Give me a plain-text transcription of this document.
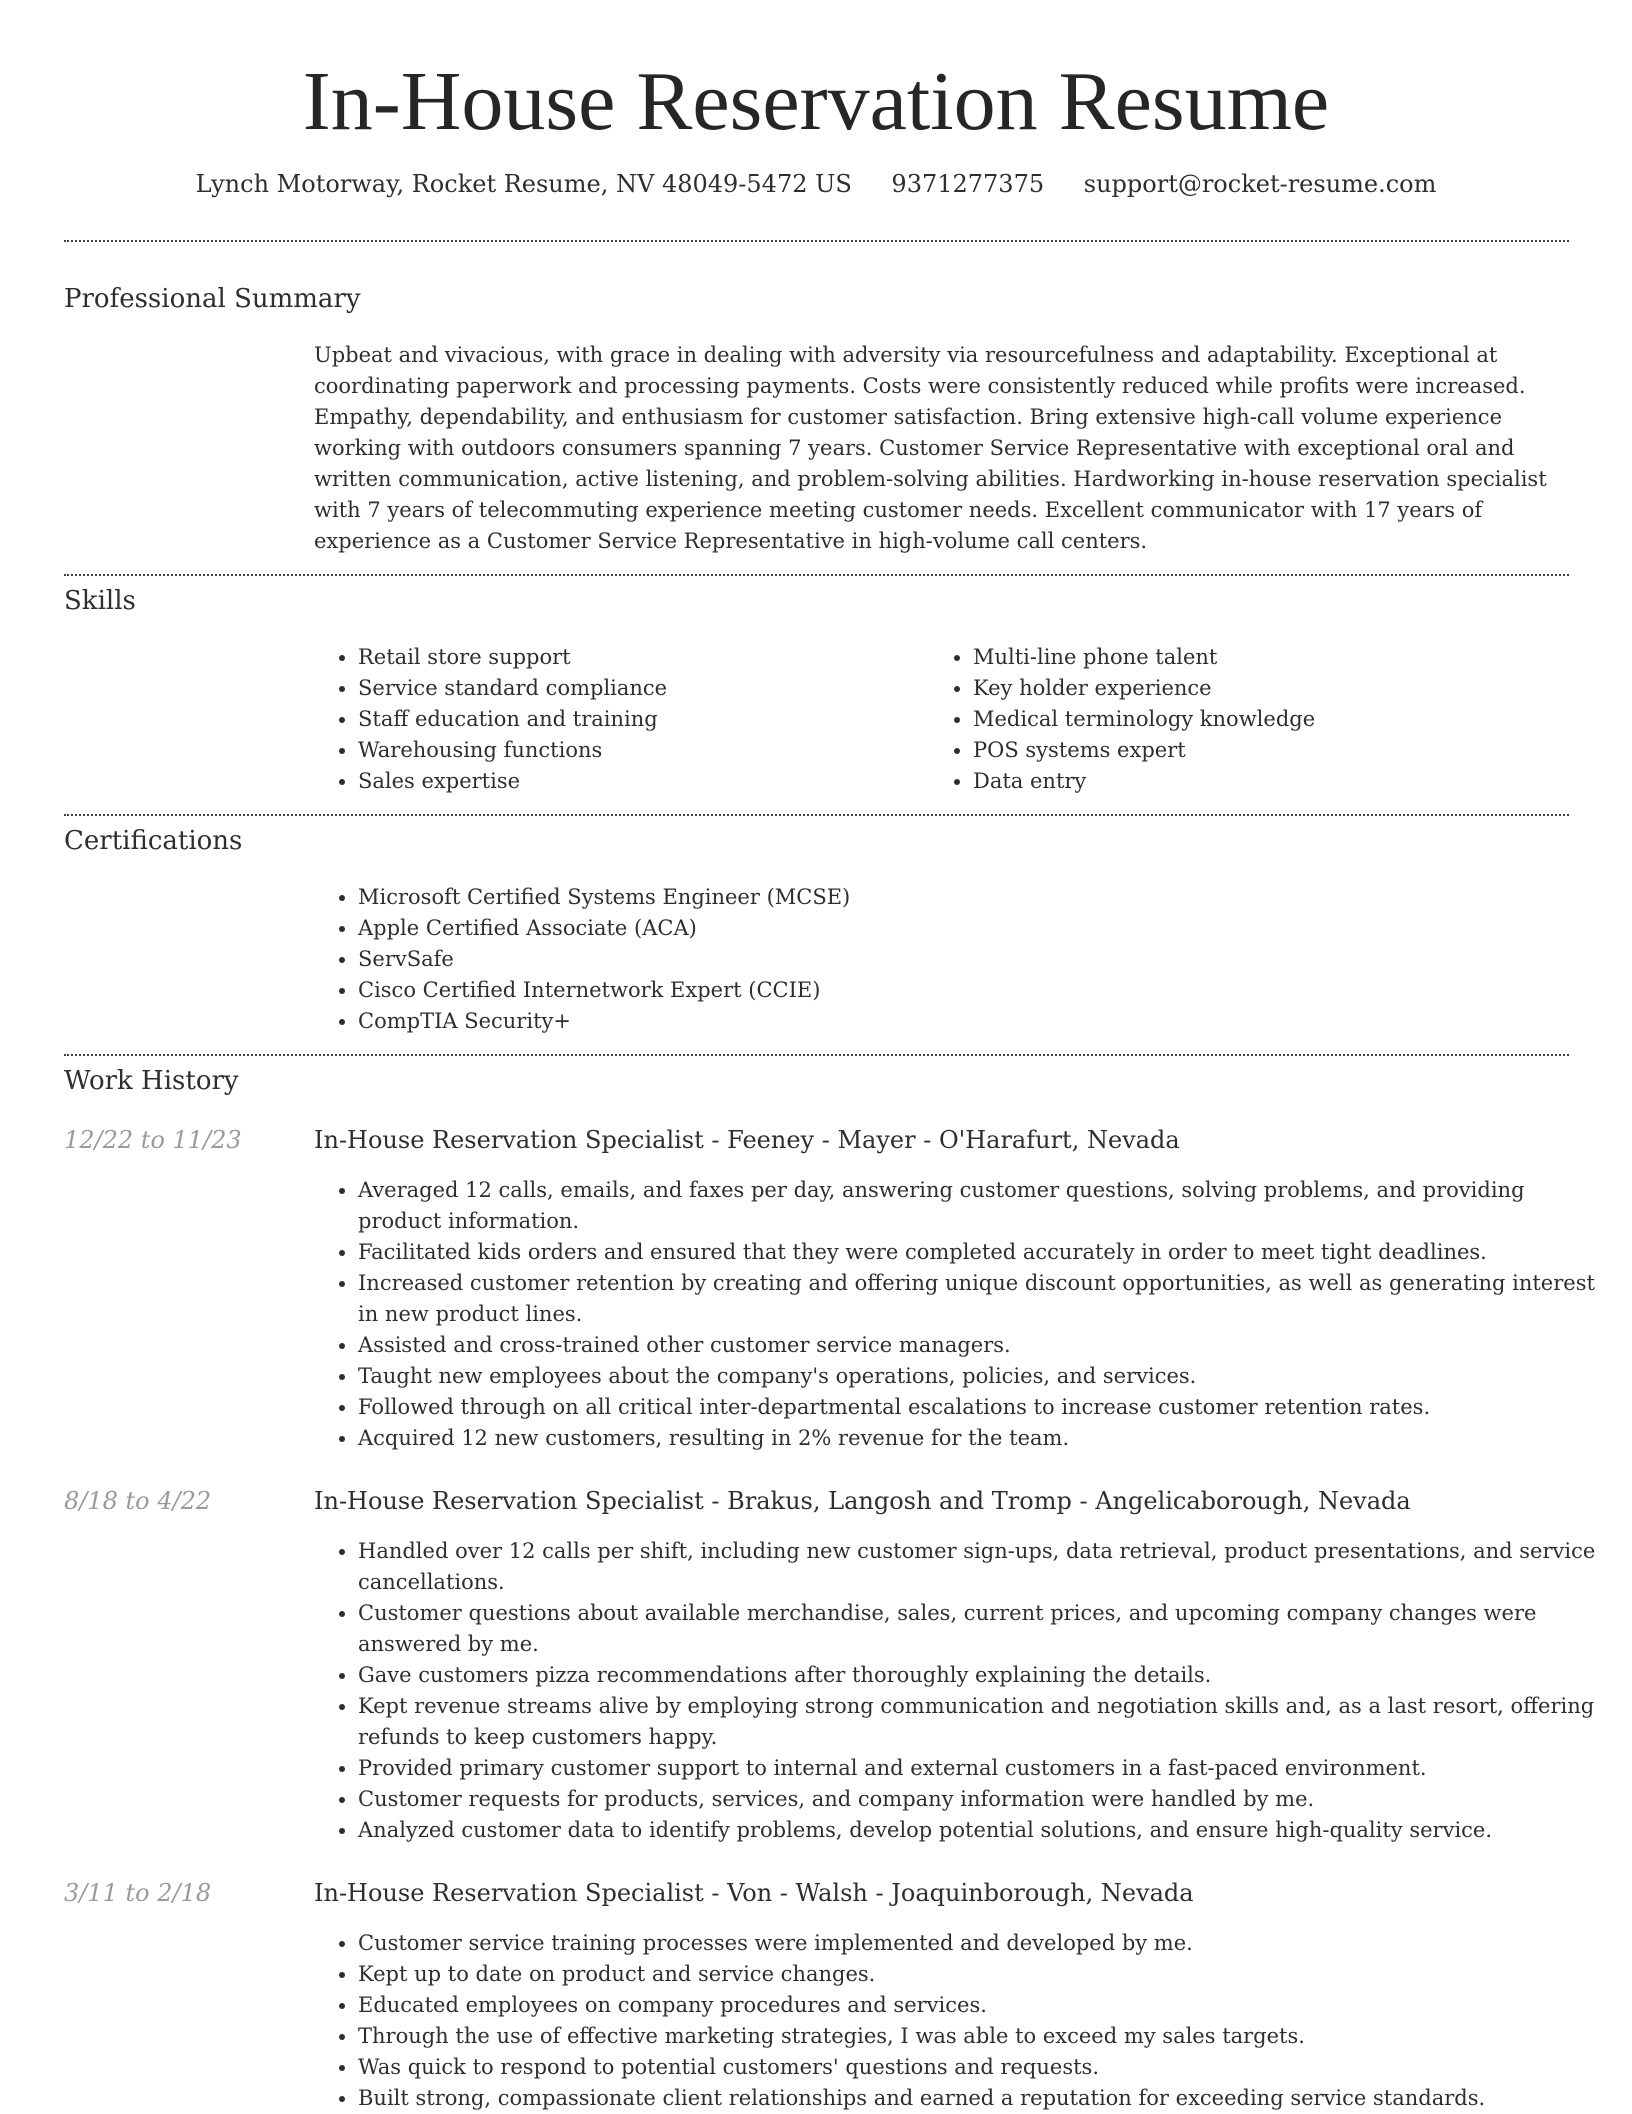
In-House Reservation Resume
Lynch Motorway, Rocket Resume, NV 48049-5472 US 9371277375 support@rocket-resume.com
Professional Summary

Upbeat and vivacious, with grace in dealing with adversity via resourcefulness and adaptability. Exceptional at coordinating paperwork and processing payments. Costs were consistently reduced while profits were increased. Empathy, dependability, and enthusiasm for customer satisfaction. Bring extensive high-call volume experience working with outdoors consumers spanning 7 years. Customer Service Representative with exceptional oral and written communication, active listening, and problem-solving abilities. Hardworking in-house reservation specialist with 7 years of telecommuting experience meeting customer needs. Excellent communicator with 17 years of experience as a Customer Service Representative in high-volume call centers.

Skills
• Retail store support
• Service standard compliance
• Staff education and training
• Warehousing functions
• Sales expertise
• Multi-line phone talent
• Key holder experience
• Medical terminology knowledge
• POS systems expert
• Data entry
Certifications
• Microsoft Certified Systems Engineer (MCSE)
• Apple Certified Associate (ACA)
• ServSafe
• Cisco Certified Internetwork Expert (CCIE)
• CompTIA Security+
Work History
12/22 to 11/23	In-House Reservation Specialist - Feeney - Mayer - O'Harafurt, Nevada
• Averaged 12 calls, emails, and faxes per day, answering customer questions, solving problems, and providing product information.
• Facilitated kids orders and ensured that they were completed accurately in order to meet tight deadlines.
• Increased customer retention by creating and offering unique discount opportunities, as well as generating interest in new product lines.
• Assisted and cross-trained other customer service managers.
• Taught new employees about the company's operations, policies, and services.
• Followed through on all critical inter-departmental escalations to increase customer retention rates.
• Acquired 12 new customers, resulting in 2% revenue for the team.
8/18 to 4/22	In-House Reservation Specialist - Brakus, Langosh and Tromp - Angelicaborough, Nevada
• Handled over 12 calls per shift, including new customer sign-ups, data retrieval, product presentations, and service cancellations.
• Customer questions about available merchandise, sales, current prices, and upcoming company changes were answered by me.
• Gave customers pizza recommendations after thoroughly explaining the details.
• Kept revenue streams alive by employing strong communication and negotiation skills and, as a last resort, offering refunds to keep customers happy.
• Provided primary customer support to internal and external customers in a fast-paced environment.
• Customer requests for products, services, and company information were handled by me.
• Analyzed customer data to identify problems, develop potential solutions, and ensure high-quality service.
3/11 to 2/18	In-House Reservation Specialist - Von - Walsh - Joaquinborough, Nevada
• Customer service training processes were implemented and developed by me.
• Kept up to date on product and service changes.
• Educated employees on company procedures and services.
• Through the use of effective marketing strategies, I was able to exceed my sales targets.
• Was quick to respond to potential customers' questions and requests.
• Built strong, compassionate client relationships and earned a reputation for exceeding service standards.
